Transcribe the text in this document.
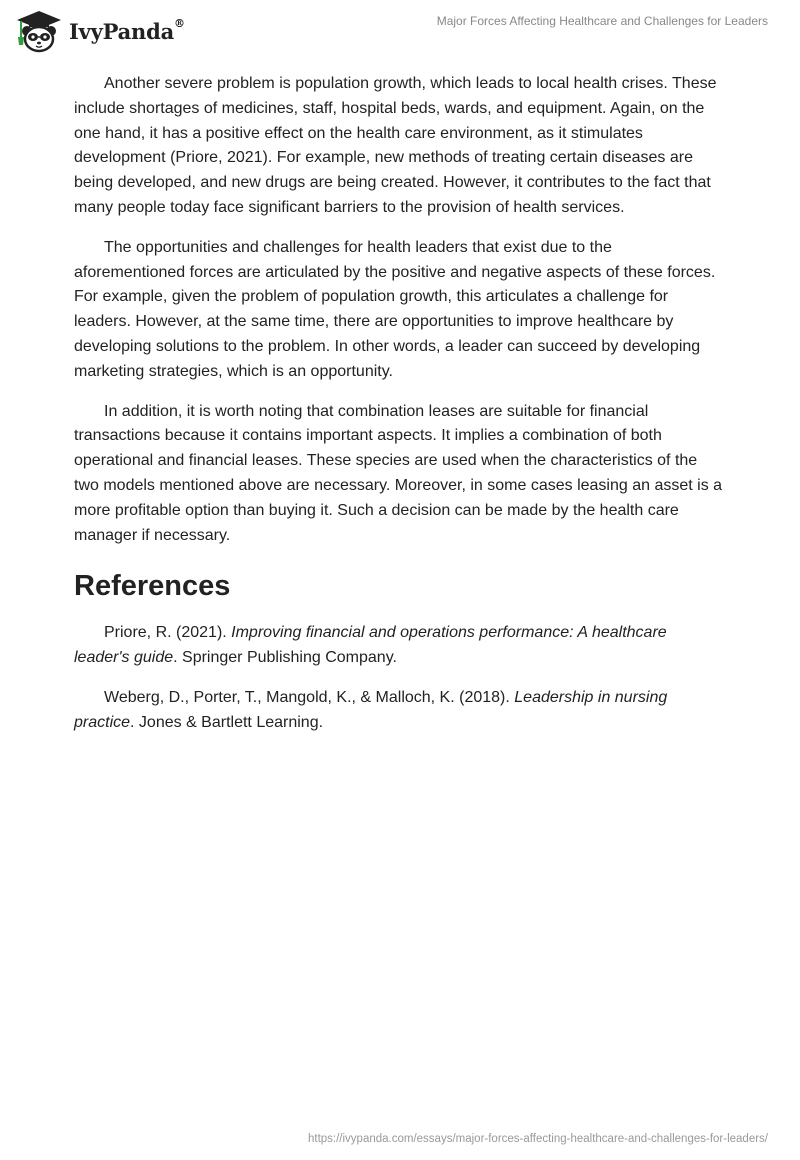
IvyPanda®	Major Forces Affecting Healthcare and Challenges for Leaders

Another severe problem is population growth, which leads to local health crises. These include shortages of medicines, staff, hospital beds, wards, and equipment. Again, on the one hand, it has a positive effect on the health care environment, as it stimulates development (Priore, 2021). For example, new methods of treating certain diseases are being developed, and new drugs are being created. However, it contributes to the fact that many people today face significant barriers to the provision of health services.

The opportunities and challenges for health leaders that exist due to the aforementioned forces are articulated by the positive and negative aspects of these forces. For example, given the problem of population growth, this articulates a challenge for leaders. However, at the same time, there are opportunities to improve healthcare by developing solutions to the problem. In other words, a leader can succeed by developing marketing strategies, which is an opportunity.

In addition, it is worth noting that combination leases are suitable for financial transactions because it contains important aspects. It implies a combination of both operational and financial leases. These species are used when the characteristics of the two models mentioned above are necessary. Moreover, in some cases leasing an asset is a more profitable option than buying it. Such a decision can be made by the health care manager if necessary.

References

Priore, R. (2021). Improving financial and operations performance: A healthcare leader's guide. Springer Publishing Company.

Weberg, D., Porter, T., Mangold, K., & Malloch, K. (2018). Leadership in nursing practice. Jones & Bartlett Learning.

https://ivypanda.com/essays/major-forces-affecting-healthcare-and-challenges-for-leaders/
